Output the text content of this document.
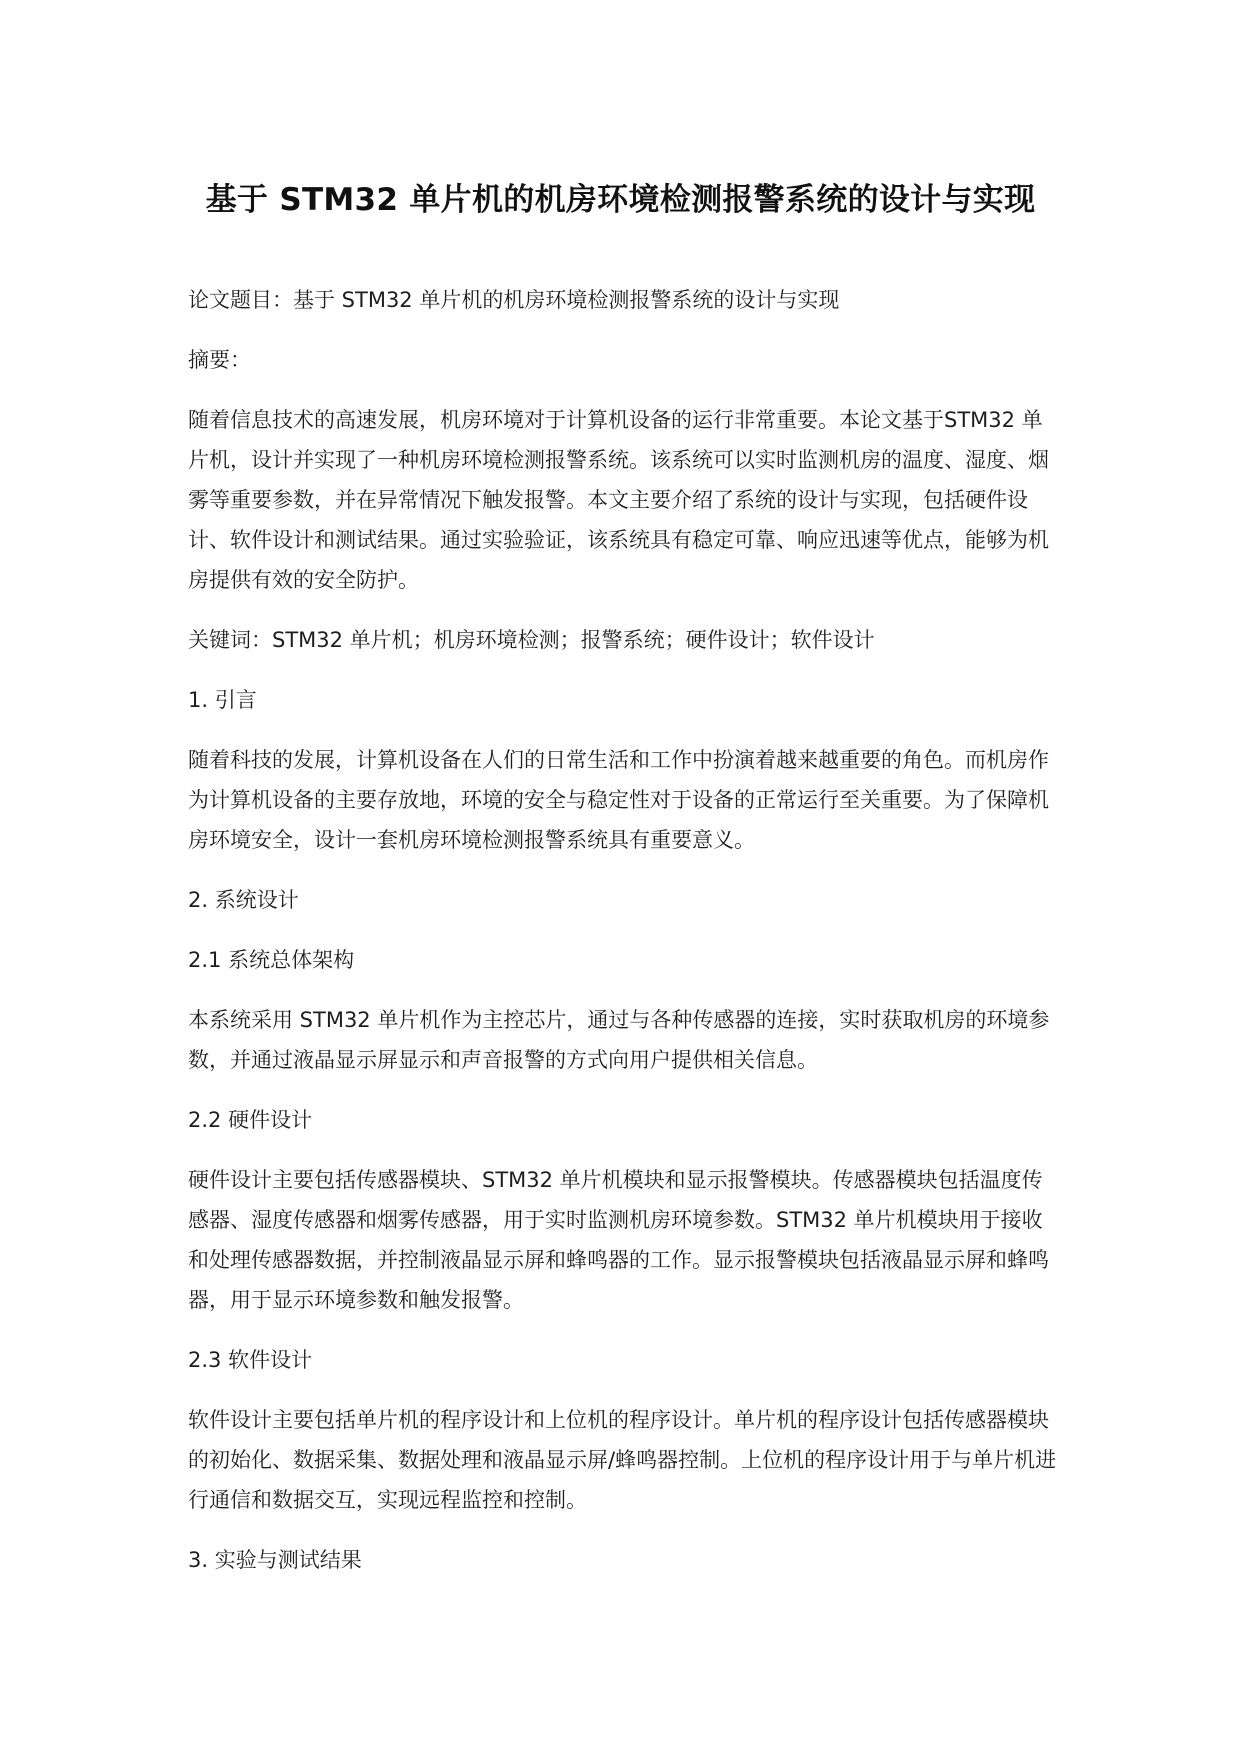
基于 STM32 单片机的机房环境检测报警系统的设计与实现

论文题目：基于 STM32 单片机的机房环境检测报警系统的设计与实现

摘要：

随着信息技术的高速发展，机房环境对于计算机设备的运行非常重要。本论文基于STM32 单片机，设计并实现了一种机房环境检测报警系统。该系统可以实时监测机房的温度、湿度、烟雾等重要参数，并在异常情况下触发报警。本文主要介绍了系统的设计与实现，包括硬件设计、软件设计和测试结果。通过实验验证，该系统具有稳定可靠、响应迅速等优点，能够为机房提供有效的安全防护。

关键词：STM32 单片机；机房环境检测；报警系统；硬件设计；软件设计

1. 引言

随着科技的发展，计算机设备在人们的日常生活和工作中扮演着越来越重要的角色。而机房作为计算机设备的主要存放地，环境的安全与稳定性对于设备的正常运行至关重要。为了保障机房环境安全，设计一套机房环境检测报警系统具有重要意义。

2. 系统设计

2.1 系统总体架构

本系统采用 STM32 单片机作为主控芯片，通过与各种传感器的连接，实时获取机房的环境参数，并通过液晶显示屏显示和声音报警的方式向用户提供相关信息。

2.2 硬件设计

硬件设计主要包括传感器模块、STM32 单片机模块和显示报警模块。传感器模块包括温度传感器、湿度传感器和烟雾传感器，用于实时监测机房环境参数。STM32 单片机模块用于接收和处理传感器数据，并控制液晶显示屏和蜂鸣器的工作。显示报警模块包括液晶显示屏和蜂鸣器，用于显示环境参数和触发报警。

2.3 软件设计

软件设计主要包括单片机的程序设计和上位机的程序设计。单片机的程序设计包括传感器模块的初始化、数据采集、数据处理和液晶显示屏/蜂鸣器控制。上位机的程序设计用于与单片机进行通信和数据交互，实现远程监控和控制。

3. 实验与测试结果
